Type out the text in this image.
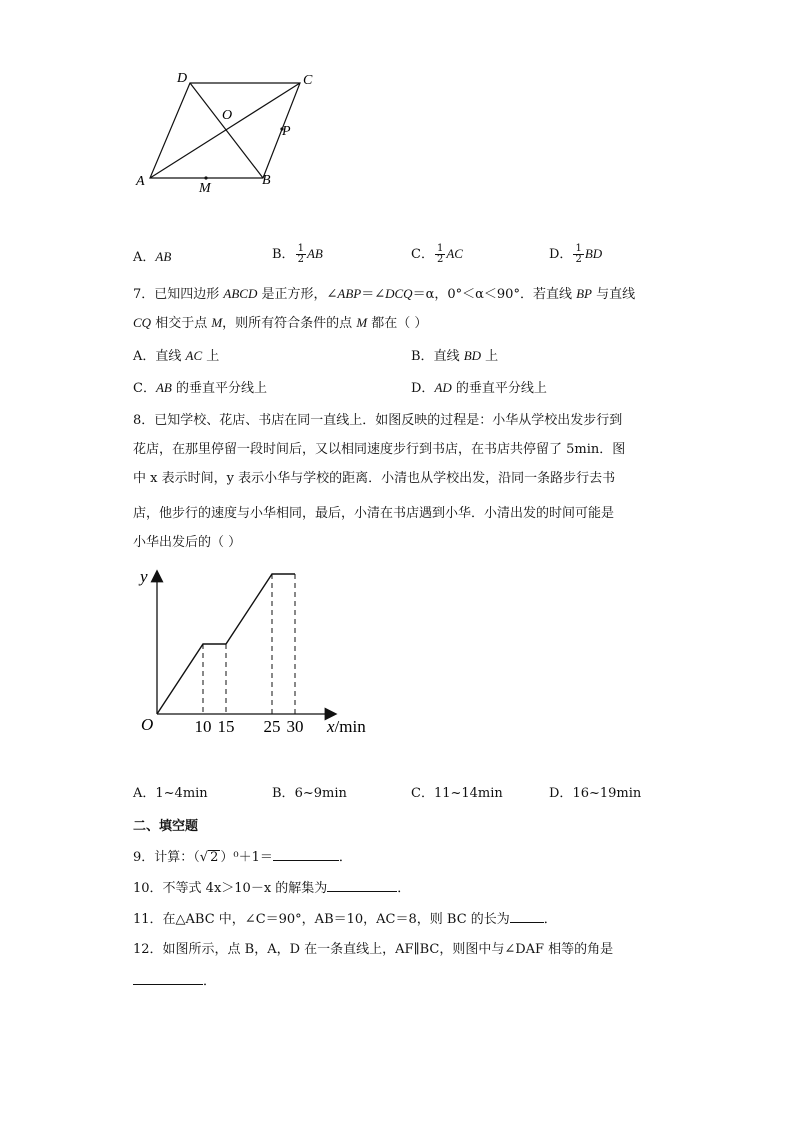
A	B
C
D
O
P
M
A．AB	B． $\frac{1}{2}$ AB	C． $\frac{1}{2}$ AC	D． $\frac{1}{2}$ BD
7．已知四边形 ABCD 是正方形，∠ABP＝∠DCQ＝α，0°＜α＜90°．若直线 BP 与直线
CQ 相交于点 M，则所有符合条件的点 M 都在（ ）
A．直线 AC 上	B．直线 BD 上
C．AB 的垂直平分线上	D．AD 的垂直平分线上
8．已知学校、花店、书店在同一直线上．如图反映的过程是：小华从学校出发步行到
花店，在那里停留一段时间后，又以相同速度步行到书店，在书店共停留了 5min．图
中 x 表示时间，y 表示小华与学校的距离．小清也从学校出发，沿同一条路步行去书
店，他步行的速度与小华相同，最后，小清在书店遇到小华．小清出发的时间可能是
小华出发后的（ ）
y
O	x/min
10 15 25 30
A．1~4min	B．6~9min	C．11~14min	D．16~19min
二、填空题
9．计算：（√ 2 ）⁰＋1＝	．
10．不等式 4x＞10－x 的解集为	．
11．在△ABC 中，∠C＝90°，AB＝10，AC＝8，则 BC 的长为	．
12．如图所示，点 B，A，D 在一条直线上，AF∥BC，则图中与∠DAF 相等的角是
．
